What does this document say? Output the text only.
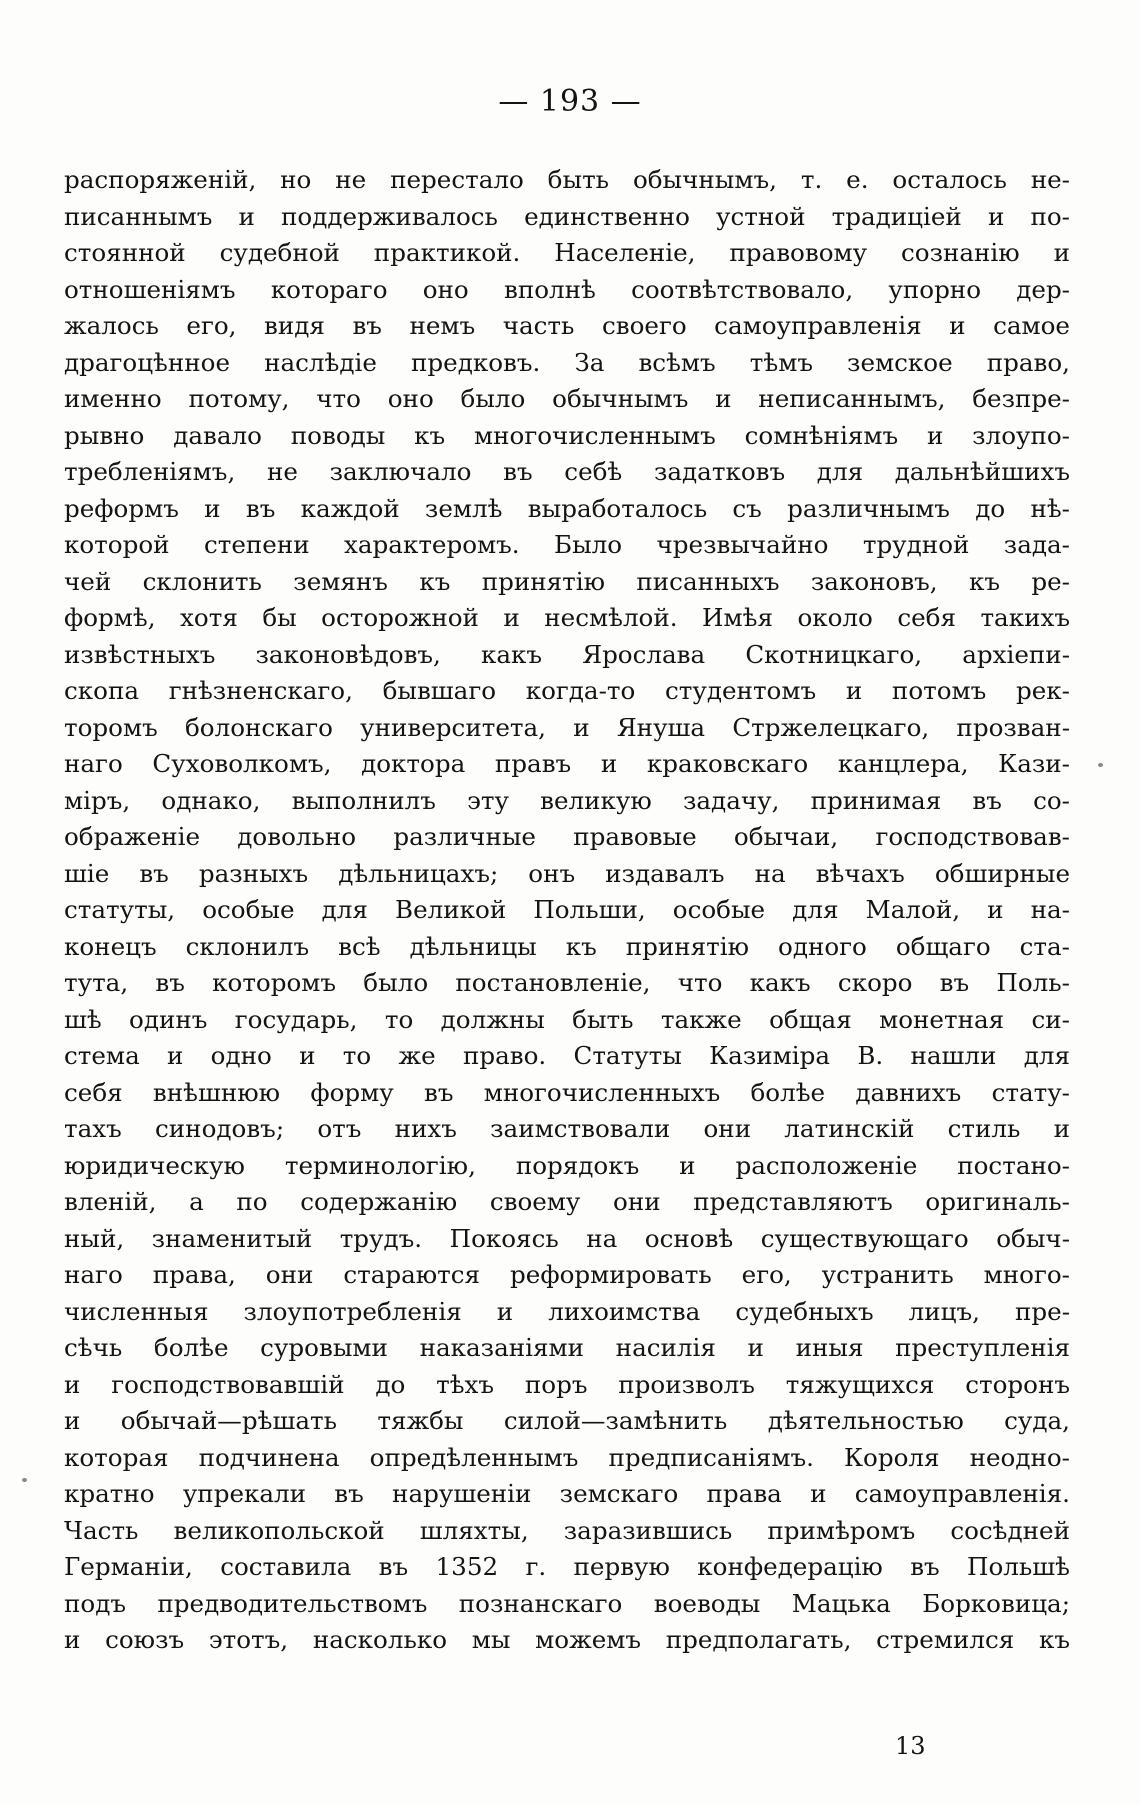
— 193 —
распоряженій, но не перестало быть обычнымъ, т. е. осталось не-
писаннымъ и поддерживалось единственно устной традиціей и по-
стоянной судебной практикой. Населеніе, правовому сознанію и
отношеніямъ котораго оно вполнѣ соотвѣтствовало, упорно дер-
жалось его, видя въ немъ часть своего самоуправленія и самое
драгоцѣнное наслѣдіе предковъ. За всѣмъ тѣмъ земское право,
именно потому, что оно было обычнымъ и неписаннымъ, безпре-
рывно давало поводы къ многочисленнымъ сомнѣніямъ и злоупо-
требленіямъ, не заключало въ себѣ задатковъ для дальнѣйшихъ
реформъ и въ каждой землѣ выработалось съ различнымъ до нѣ-
которой степени характеромъ. Было чрезвычайно трудной зада-
чей склонить земянъ къ принятію писанныхъ законовъ, къ ре-
формѣ, хотя бы осторожной и несмѣлой. Имѣя около себя такихъ
извѣстныхъ законовѣдовъ, какъ Ярослава Скотницкаго, архіепи-
скопа гнѣзненскаго, бывшаго когда-то студентомъ и потомъ рек-
торомъ болонскаго университета, и Януша Стржелецкаго, прозван-
наго Суховолкомъ, доктора правъ и краковскаго канцлера, Кази-
міръ, однако, выполнилъ эту великую задачу, принимая въ со-
ображеніе довольно различные правовые обычаи, господствовав-
шіе въ разныхъ дѣльницахъ; онъ издавалъ на вѣчахъ обширные
статуты, особые для Великой Польши, особые для Малой, и на-
конецъ склонилъ всѣ дѣльницы къ принятію одного общаго ста-
тута, въ которомъ было постановленіе, что какъ скоро въ Поль-
шѣ одинъ государь, то должны быть также общая монетная си-
стема и одно и то же право. Статуты Казиміра В. нашли для
себя внѣшнюю форму въ многочисленныхъ болѣе давнихъ стату-
тахъ синодовъ; отъ нихъ заимствовали они латинскій стиль и
юридическую терминологію, порядокъ и расположеніе постано-
вленій, а по содержанію своему они представляютъ оригиналь-
ный, знаменитый трудъ. Покоясь на основѣ существующаго обыч-
наго права, они стараются реформировать его, устранить много-
численныя злоупотребленія и лихоимства судебныхъ лицъ, пре-
сѣчь болѣе суровыми наказаніями насилія и иныя преступленія
и господствовавшій до тѣхъ поръ произволъ тяжущихся сторонъ
и обычай—рѣшать тяжбы силой—замѣнить дѣятельностью суда,
которая подчинена опредѣленнымъ предписаніямъ. Короля неодно-
кратно упрекали въ нарушеніи земскаго права и самоуправленія.
Часть великопольской шляхты, заразившись примѣромъ сосѣдней
Германіи, составила въ 1352 г. первую конфедерацію въ Польшѣ
подъ предводительствомъ познанскаго воеводы Мацька Борковица;
и союзъ этотъ, насколько мы можемъ предполагать, стремился къ
13
